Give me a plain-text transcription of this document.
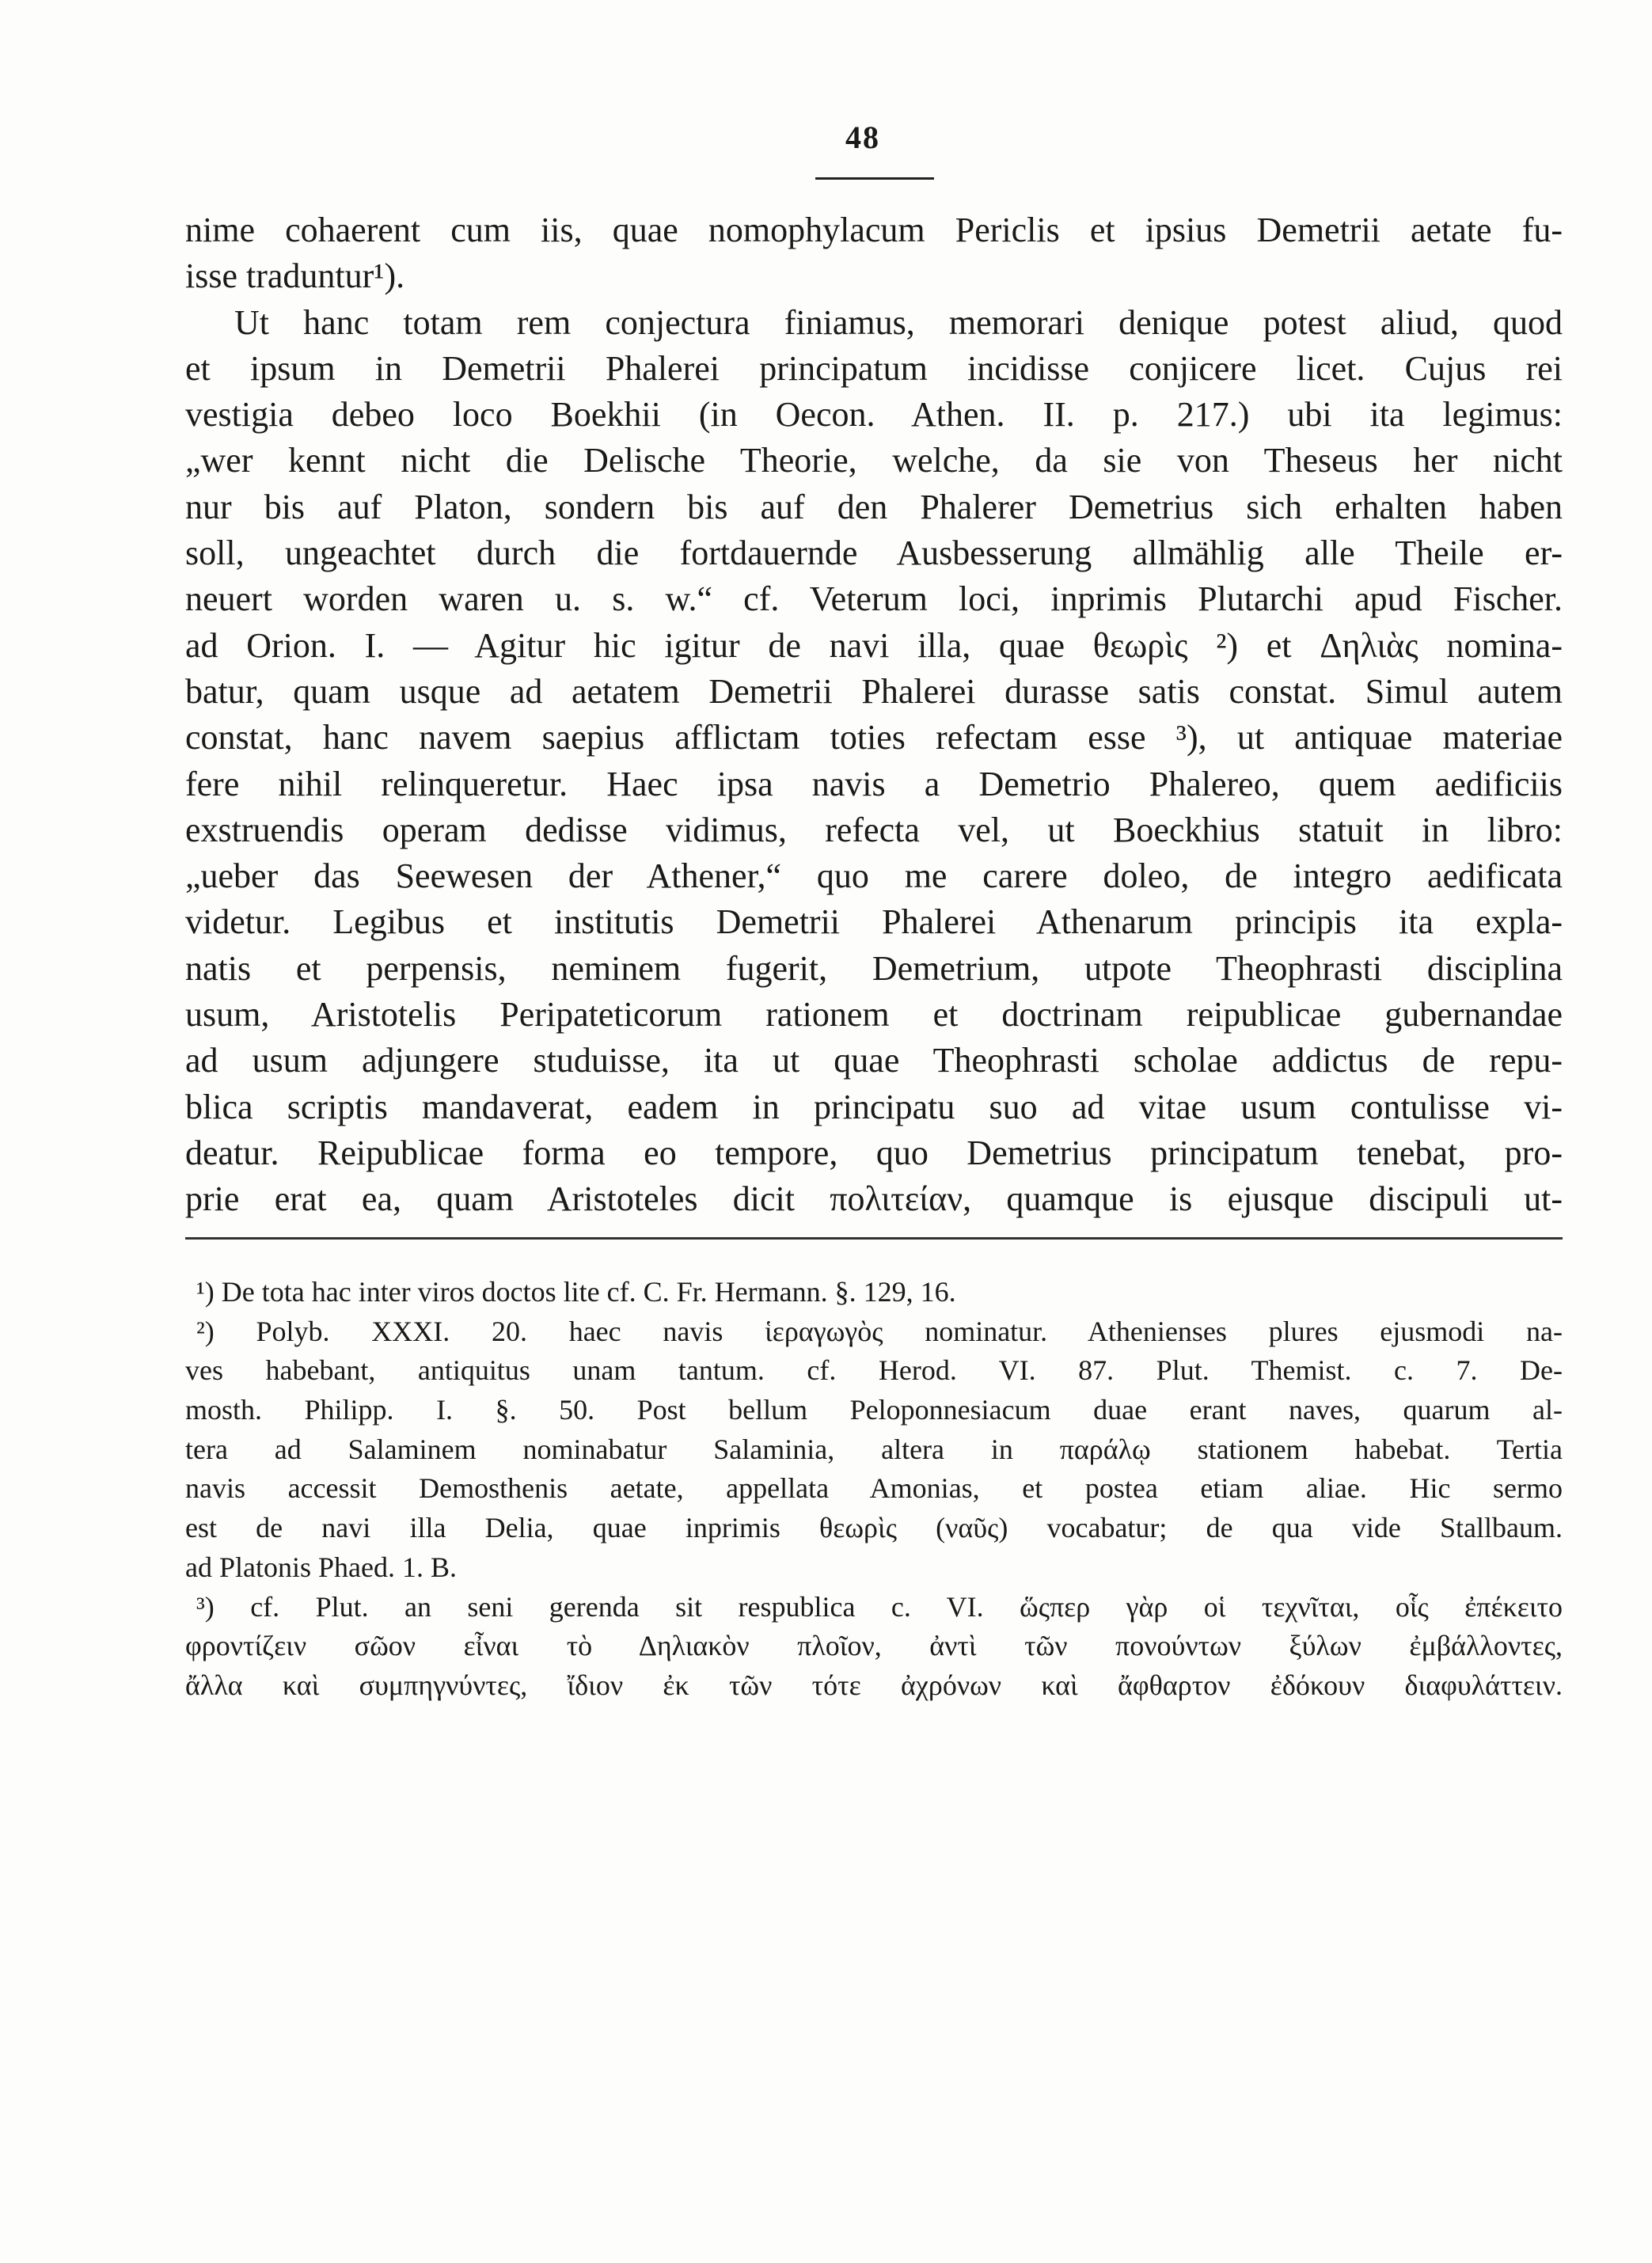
48
nime cohaerent cum iis, quae nomophylacum Periclis et ipsius Demetrii aetate fu-
isse traduntur¹).
Ut hanc totam rem conjectura finiamus, memorari denique potest aliud, quod
et ipsum in Demetrii Phalerei principatum incidisse conjicere licet. Cujus rei
vestigia debeo loco Boekhii (in Oecon. Athen. II. p. 217.) ubi ita legimus:
„wer kennt nicht die Delische Theorie, welche, da sie von Theseus her nicht
nur bis auf Platon, sondern bis auf den Phalerer Demetrius sich erhalten haben
soll, ungeachtet durch die fortdauernde Ausbesserung allmählig alle Theile er-
neuert worden waren u. s. w.“ cf. Veterum loci, inprimis Plutarchi apud Fischer.
ad Orion. I. — Agitur hic igitur de navi illa, quae θεωρὶς ²) et Δηλιὰς nomina-
batur, quam usque ad aetatem Demetrii Phalerei durasse satis constat. Simul autem
constat, hanc navem saepius afflictam toties refectam esse ³), ut antiquae materiae
fere nihil relinqueretur. Haec ipsa navis a Demetrio Phalereo, quem aedificiis
exstruendis operam dedisse vidimus, refecta vel, ut Boeckhius statuit in libro:
„ueber das Seewesen der Athener,“ quo me carere doleo, de integro aedificata
videtur. Legibus et institutis Demetrii Phalerei Athenarum principis ita expla-
natis et perpensis, neminem fugerit, Demetrium, utpote Theophrasti disciplina
usum, Aristotelis Peripateticorum rationem et doctrinam reipublicae gubernandae
ad usum adjungere studuisse, ita ut quae Theophrasti scholae addictus de repu-
blica scriptis mandaverat, eadem in principatu suo ad vitae usum contulisse vi-
deatur. Reipublicae forma eo tempore, quo Demetrius principatum tenebat, pro-
prie erat ea, quam Aristoteles dicit πολιτείαν, quamque is ejusque discipuli ut-
¹) De tota hac inter viros doctos lite cf. C. Fr. Hermann. §. 129, 16.
²) Polyb. XXXI. 20. haec navis ἱεραγωγὸς nominatur. Athenienses plures ejusmodi na-
ves habebant, antiquitus unam tantum. cf. Herod. VI. 87. Plut. Themist. c. 7. De-
mosth. Philipp. I. §. 50. Post bellum Peloponnesiacum duae erant naves, quarum al-
tera ad Salaminem nominabatur Salaminia, altera in παράλῳ stationem habebat. Tertia
navis accessit Demosthenis aetate, appellata Amonias, et postea etiam aliae. Hic sermo
est de navi illa Delia, quae inprimis θεωρὶς (ναῦς) vocabatur; de qua vide Stallbaum.
ad Platonis Phaed. 1. B.
³) cf. Plut. an seni gerenda sit respublica c. VI. ὥςπερ γὰρ οἱ τεχνῖται, οἷς ἐπέκειτο
φροντίζειν σῶον εἶναι τὸ Δηλιακὸν πλοῖον, ἀντὶ τῶν πονούντων ξύλων ἐμβάλλοντες,
ἄλλα καὶ συμπηγνύντες, ἴδιον ἐκ τῶν τότε ἀχρόνων καὶ ἄφθαρτον ἐδόκουν διαφυλάττειν.
